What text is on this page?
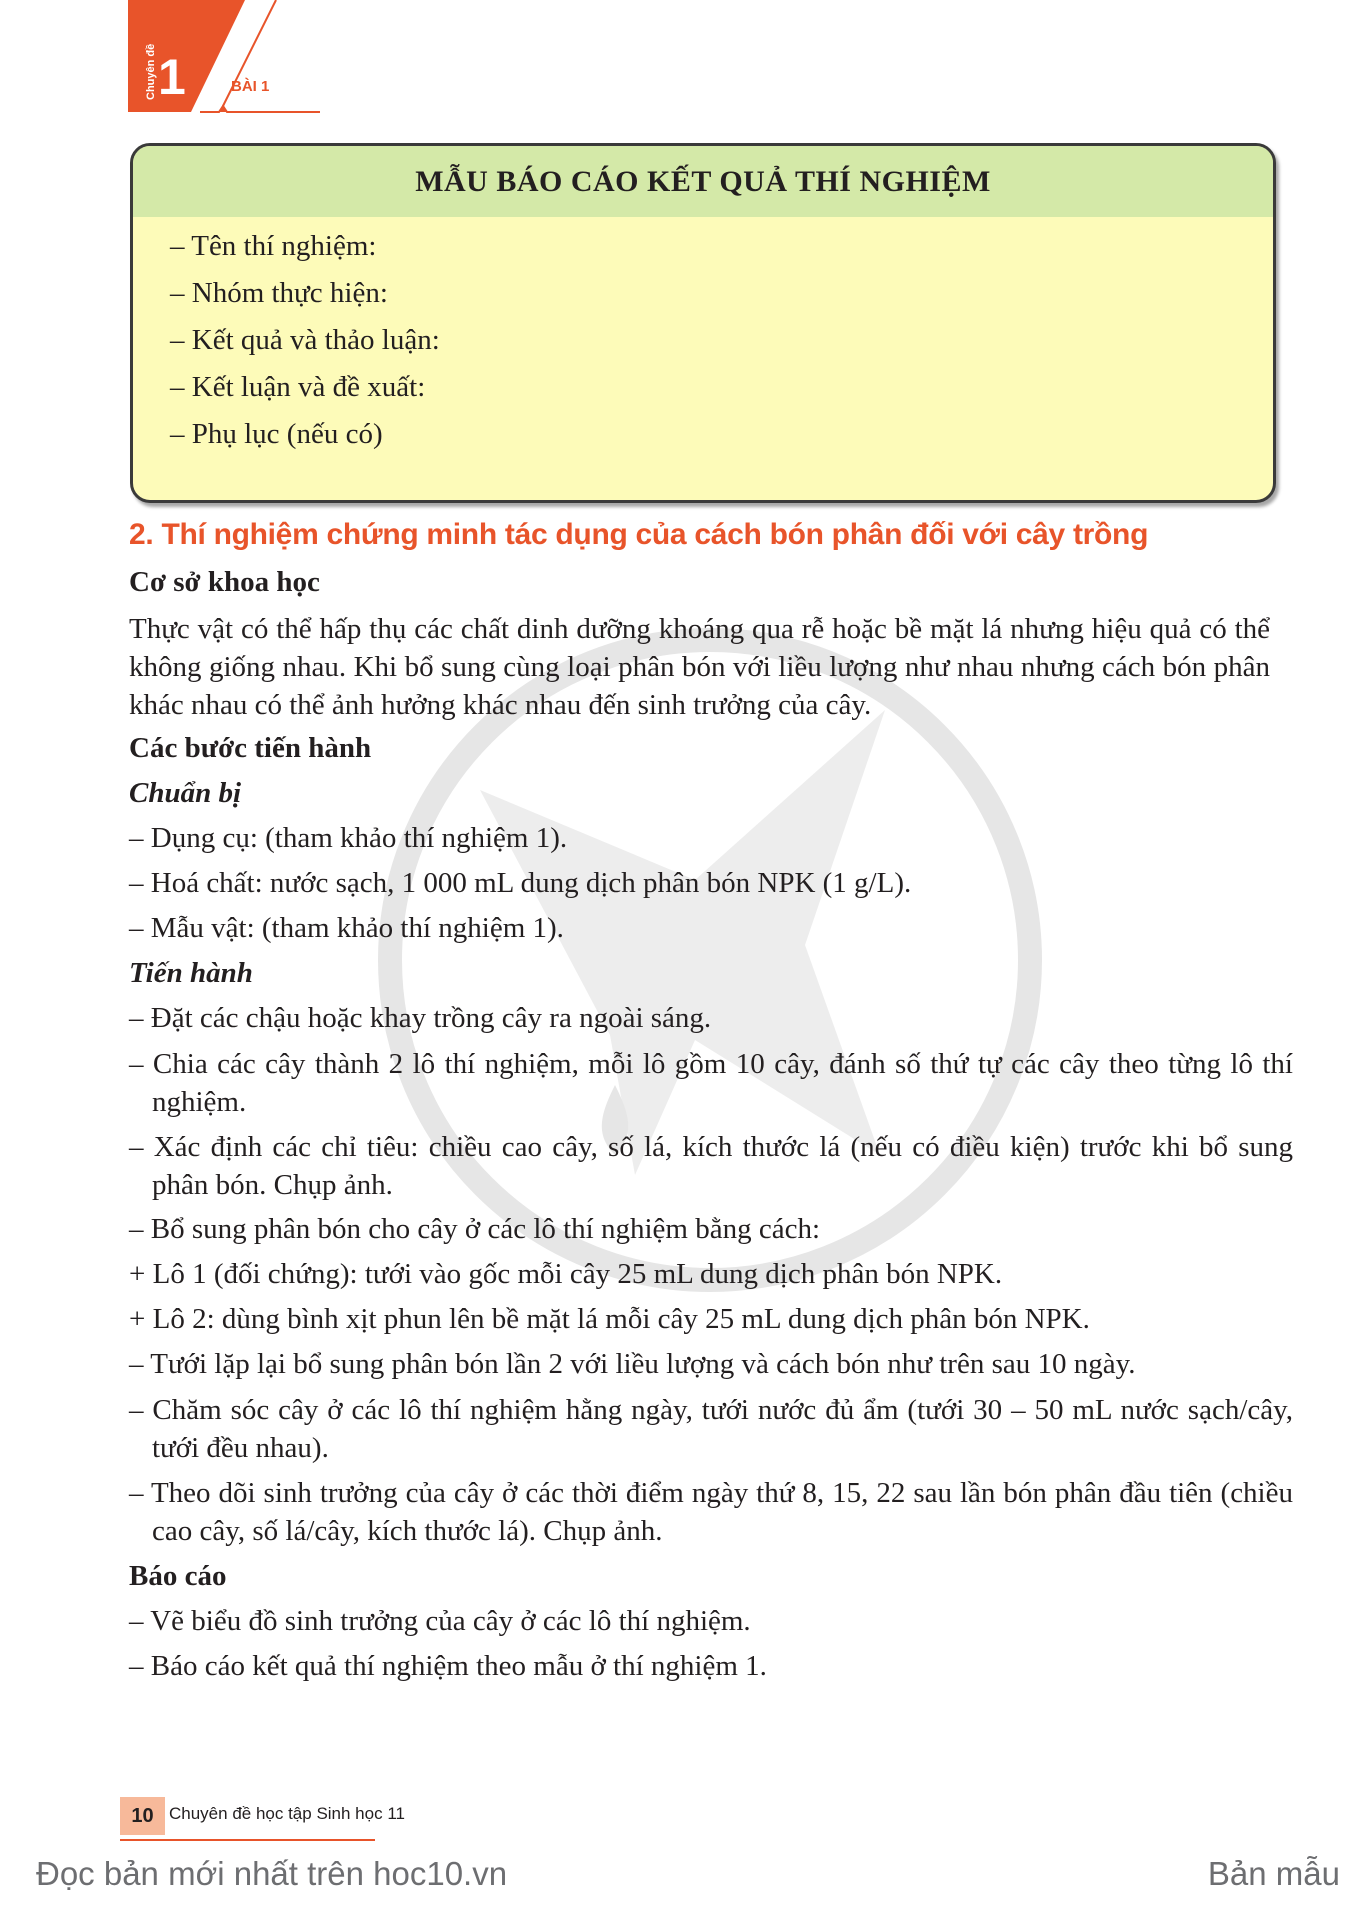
Chuyên đề 1	BÀI 1
MẪU BÁO CÁO KẾT QUẢ THÍ NGHIỆM
– Tên thí nghiệm:
– Nhóm thực hiện:
– Kết quả và thảo luận:
– Kết luận và đề xuất:
– Phụ lục (nếu có)
2. Thí nghiệm chứng minh tác dụng của cách bón phân đối với cây trồng
Cơ sở khoa học
Thực vật có thể hấp thụ các chất dinh dưỡng khoáng qua rễ hoặc bề mặt lá nhưng hiệu quả có thể không giống nhau. Khi bổ sung cùng loại phân bón với liều lượng như nhau nhưng cách bón phân khác nhau có thể ảnh hưởng khác nhau đến sinh trưởng của cây.
Các bước tiến hành
Chuẩn bị
– Dụng cụ: (tham khảo thí nghiệm 1).
– Hoá chất: nước sạch, 1 000 mL dung dịch phân bón NPK (1 g/L).
– Mẫu vật: (tham khảo thí nghiệm 1).
Tiến hành
– Đặt các chậu hoặc khay trồng cây ra ngoài sáng.
– Chia các cây thành 2 lô thí nghiệm, mỗi lô gồm 10 cây, đánh số thứ tự các cây theo từng lô thí nghiệm.
– Xác định các chỉ tiêu: chiều cao cây, số lá, kích thước lá (nếu có điều kiện) trước khi bổ sung phân bón. Chụp ảnh.
– Bổ sung phân bón cho cây ở các lô thí nghiệm bằng cách:
+ Lô 1 (đối chứng): tưới vào gốc mỗi cây 25 mL dung dịch phân bón NPK.
+ Lô 2: dùng bình xịt phun lên bề mặt lá mỗi cây 25 mL dung dịch phân bón NPK.
– Tưới lặp lại bổ sung phân bón lần 2 với liều lượng và cách bón như trên sau 10 ngày.
– Chăm sóc cây ở các lô thí nghiệm hằng ngày, tưới nước đủ ẩm (tưới 30 – 50 mL nước sạch/cây, tưới đều nhau).
– Theo dõi sinh trưởng của cây ở các thời điểm ngày thứ 8, 15, 22 sau lần bón phân đầu tiên (chiều cao cây, số lá/cây, kích thước lá). Chụp ảnh.
Báo cáo
– Vẽ biểu đồ sinh trưởng của cây ở các lô thí nghiệm.
– Báo cáo kết quả thí nghiệm theo mẫu ở thí nghiệm 1.
10 Chuyên đề học tập Sinh học 11
Đọc bản mới nhất trên hoc10.vn	Bản mẫu
